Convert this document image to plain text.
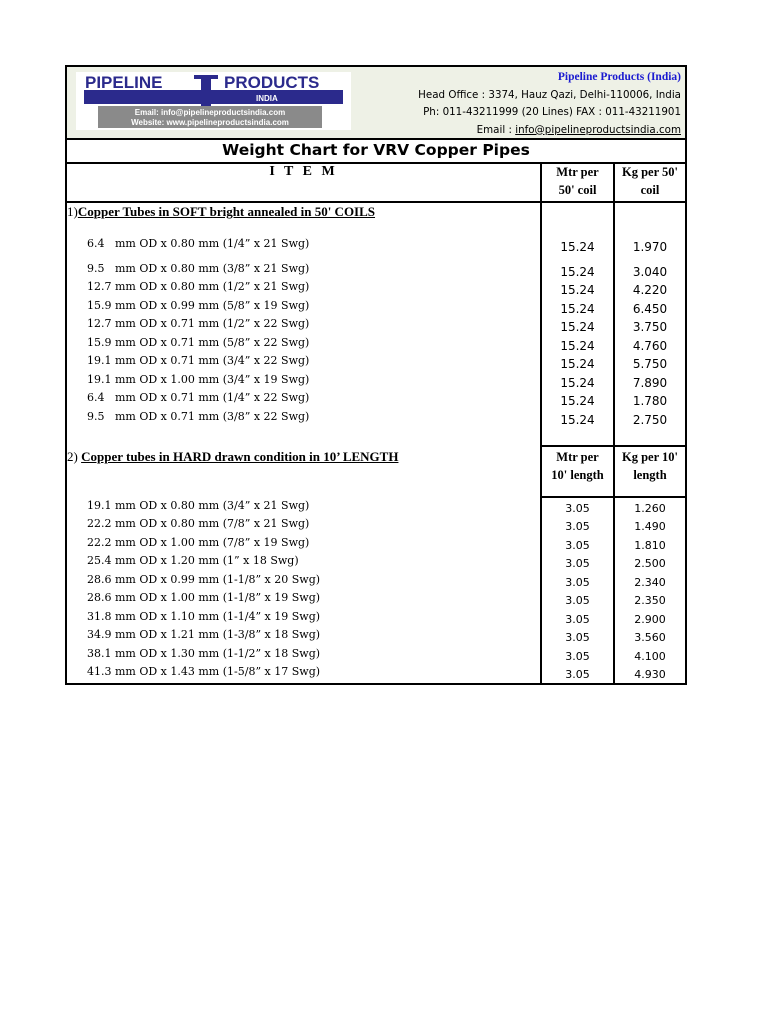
PIPELINE	PRODUCTS
INDIA
Email: info@pipelineproductsindia.com
Website: www.pipelineproductsindia.com
Pipeline Products (India)
Head Office : 3374, Hauz Qazi, Delhi-110006, India
Ph: 011-43211999 (20 Lines) FAX : 011-43211901
Email : info@pipelineproductsindia.com
Weight Chart for VRV Copper Pipes
I T E M	Mtr per
50' coil
Kg per 50'
coil
1)Copper Tubes in SOFT bright annealed in 50' COILS
6.4   mm OD x 0.80 mm (1/4” x 21 Swg)	15.24	1.970
9.5   mm OD x 0.80 mm (3/8” x 21 Swg)	15.24	3.040
12.7 mm OD x 0.80 mm (1/2” x 21 Swg)	15.24	4.220
15.9 mm OD x 0.99 mm (5/8” x 19 Swg)	15.24	6.450
12.7 mm OD x 0.71 mm (1/2” x 22 Swg)	15.24	3.750
15.9 mm OD x 0.71 mm (5/8” x 22 Swg)	15.24	4.760
19.1 mm OD x 0.71 mm (3/4” x 22 Swg)	15.24	5.750
19.1 mm OD x 1.00 mm (3/4” x 19 Swg)	15.24	7.890
6.4   mm OD x 0.71 mm (1/4” x 22 Swg)	15.24	1.780
9.5   mm OD x 0.71 mm (3/8” x 22 Swg)	15.24	2.750
2) Copper tubes in HARD drawn condition in 10’ LENGTH	Mtr per
10' length
Kg per 10'
length
19.1 mm OD x 0.80 mm (3/4” x 21 Swg)	3.05	1.260
22.2 mm OD x 0.80 mm (7/8” x 21 Swg)	3.05	1.490
22.2 mm OD x 1.00 mm (7/8” x 19 Swg)	3.05	1.810
25.4 mm OD x 1.20 mm (1” x 18 Swg)	3.05	2.500
28.6 mm OD x 0.99 mm (1-1/8” x 20 Swg)	3.05	2.340
28.6 mm OD x 1.00 mm (1-1/8” x 19 Swg)	3.05	2.350
31.8 mm OD x 1.10 mm (1-1/4” x 19 Swg)	3.05	2.900
34.9 mm OD x 1.21 mm (1-3/8” x 18 Swg)	3.05	3.560
38.1 mm OD x 1.30 mm (1-1/2” x 18 Swg)	3.05	4.100
41.3 mm OD x 1.43 mm (1-5/8” x 17 Swg)	3.05	4.930
